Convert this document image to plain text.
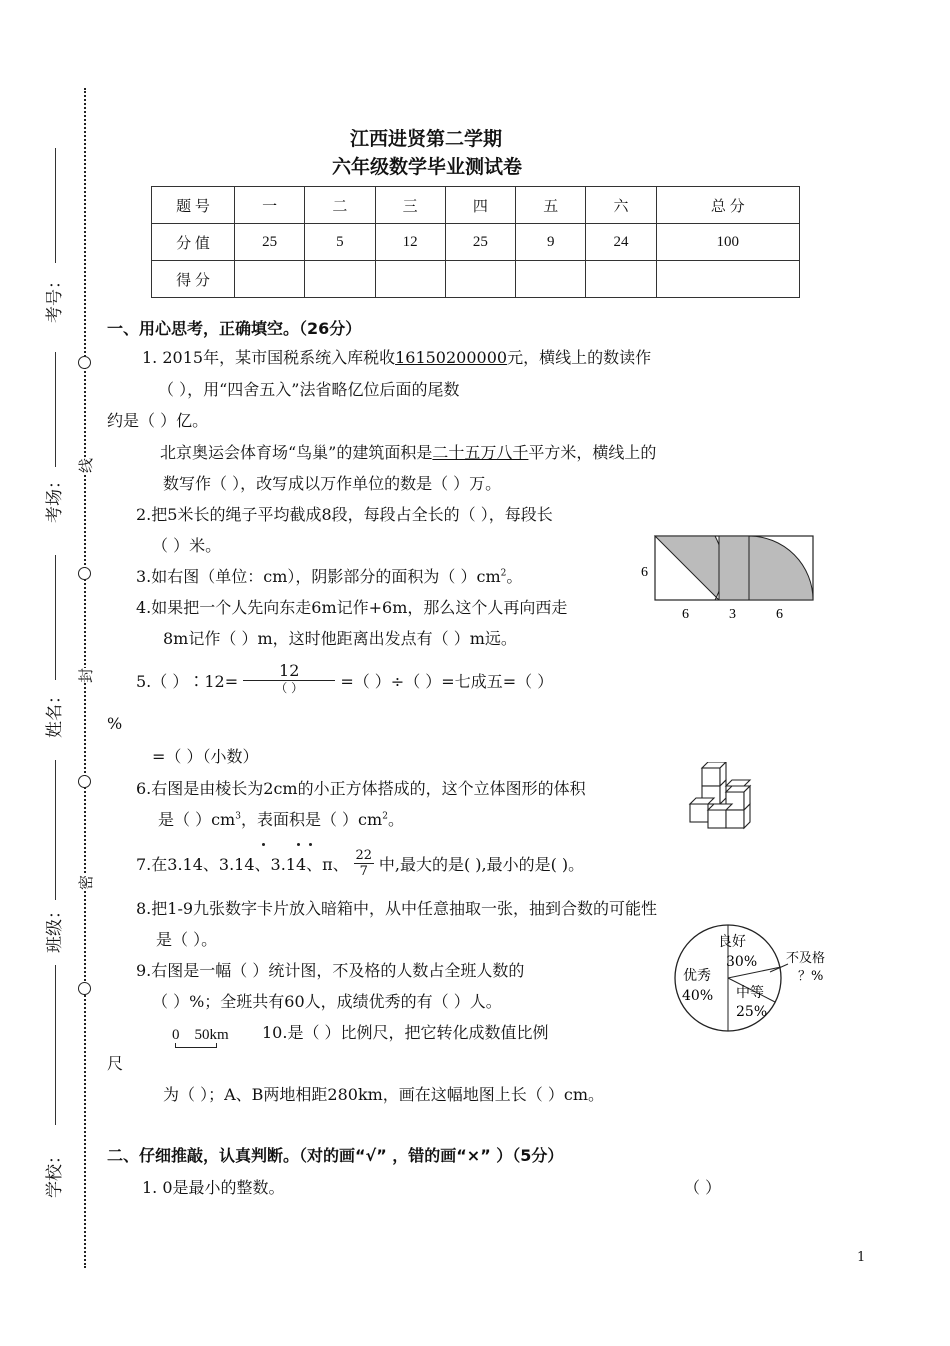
考号：
考场：
姓名：
班级：
学校：
线
封
密
江西进贤第二学期
六年级数学毕业测试卷
题 号	一	二	三	四	五	六	总 分
分 值	25	5	12	25	9	24	100
得 分							
一、用心思考，正确填空。（26分）
1. 2015年，某市国税系统入库税收16150200000元，横线上的数读作
（ ），用“四舍五入”法省略亿位后面的尾数
约是（ ）亿。
北京奥运会体育场“鸟巢”的建筑面积是二十五万八千平方米，横线上的
数写作（ ），改写成以万作单位的数是（ ）万。
2.把5米长的绳子平均截成8段，每段占全长的（ ），每段长
（ ）米。
3.如右图（单位：cm），阴影部分的面积为（ ）$cm^2$。	6
6	3	6
4.如果把一个人先向东走6m记作+6m，那么这个人再向西走
8m记作（ ）m，这时他距离出发点有（ ）m远。
5.（ ）∶12=
12
（ ）	=（ ）÷（ ）=七成五=（ ）
%
=（ ）（小数）
6.右图是由棱长为2cm的小正方体搭成的，这个立体图形的体积
是（ ）$cm^3$，表面积是（ ）$cm^2$。
7.在3.14、3.14、3.14、π、 $\frac{22}{7}$ 中,最大的是( ),最小的是( )。
8.把1-9九张数字卡片放入暗箱中，从中任意抽取一张，抽到合数的可能性
是（ ）。
9.右图是一幅（ ）统计图，不及格的人数占全班人数的
（ ）%；全班共有60人，成绩优秀的有（ ）人。
良好
30%
优秀
40% 中等
25%
不及格
？%
0    50km 10.是（ ）比例尺，把它转化成数值比例
尺
为（ ）；A、B两地相距280km，画在这幅地图上长（ ）cm。
二、仔细推敲，认真判断。（对的画“√” ，错的画“×” ）（5分）
1. 0是最小的整数。	（ ）
1
